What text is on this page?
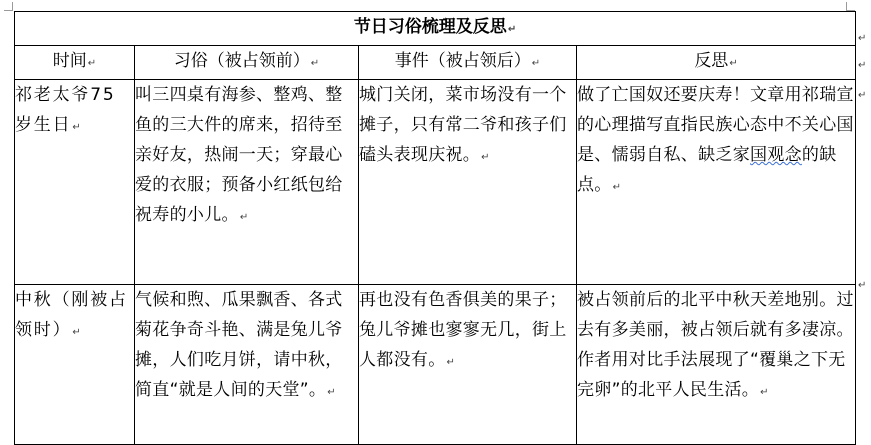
节日习俗梳理及反思↵			
时间↵	习俗（被占领前）↵	事件（被占领后）↵	反思↵
祁老太爷75岁生日↵	叫三四桌有海参、整鸡、整鱼的三大件的席来，招待至亲好友，热闹一天；穿最心爱的衣服；预备小红纸包给祝寿的小儿。↵	城门关闭，菜市场没有一个摊子，只有常二爷和孩子们磕头表现庆祝。↵	做了亡国奴还要庆寿！文章用祁瑞宣的心理描写直指民族心态中不关心国是、懦弱自私、缺乏家国观念的缺点。↵
中秋（刚被占领时）↵	气候和煦、瓜果飘香、各式菊花争奇斗艳、满是兔儿爷摊，人们吃月饼，请中秋，简直“就是人间的天堂”。↵	再也没有色香俱美的果子；兔儿爷摊也寥寥无几，街上人都没有。↵	被占领前后的北平中秋天差地别。过去有多美丽，被占领后就有多凄凉。作者用对比手法展现了“覆巢之下无完卵”的北平人民生活。↵
↵
↵
↵
↵
